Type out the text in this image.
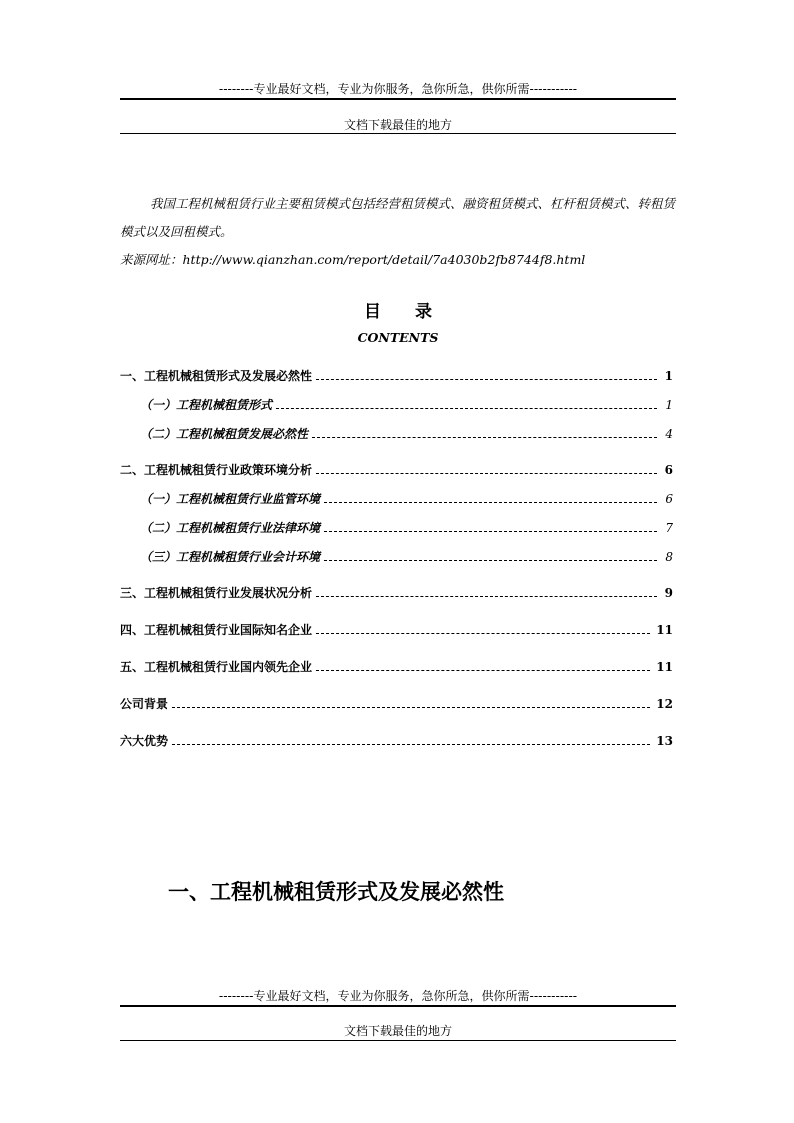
--------专业最好文档，专业为你服务，急你所急，供你所需-----------
文档下载最佳的地方

我国工程机械租赁行业主要租赁模式包括经营租赁模式、融资租赁模式、杠杆租赁模式、转租赁模式以及回租模式。

来源网址：http://www.qianzhan.com/report/detail/7a4030b2fb8744f8.html

目 录
CONTENTS
一、工程机械租赁形式及发展必然性	1
（一）工程机械租赁形式	1
（二）工程机械租赁发展必然性	4
二、工程机械租赁行业政策环境分析	6
（一）工程机械租赁行业监管环境	6
（二）工程机械租赁行业法律环境	7
（三）工程机械租赁行业会计环境	8
三、工程机械租赁行业发展状况分析	9
四、工程机械租赁行业国际知名企业	11
五、工程机械租赁行业国内领先企业	11
公司背景	12
六大优势	13
一、工程机械租赁形式及发展必然性
--------专业最好文档，专业为你服务，急你所急，供你所需-----------
文档下载最佳的地方
